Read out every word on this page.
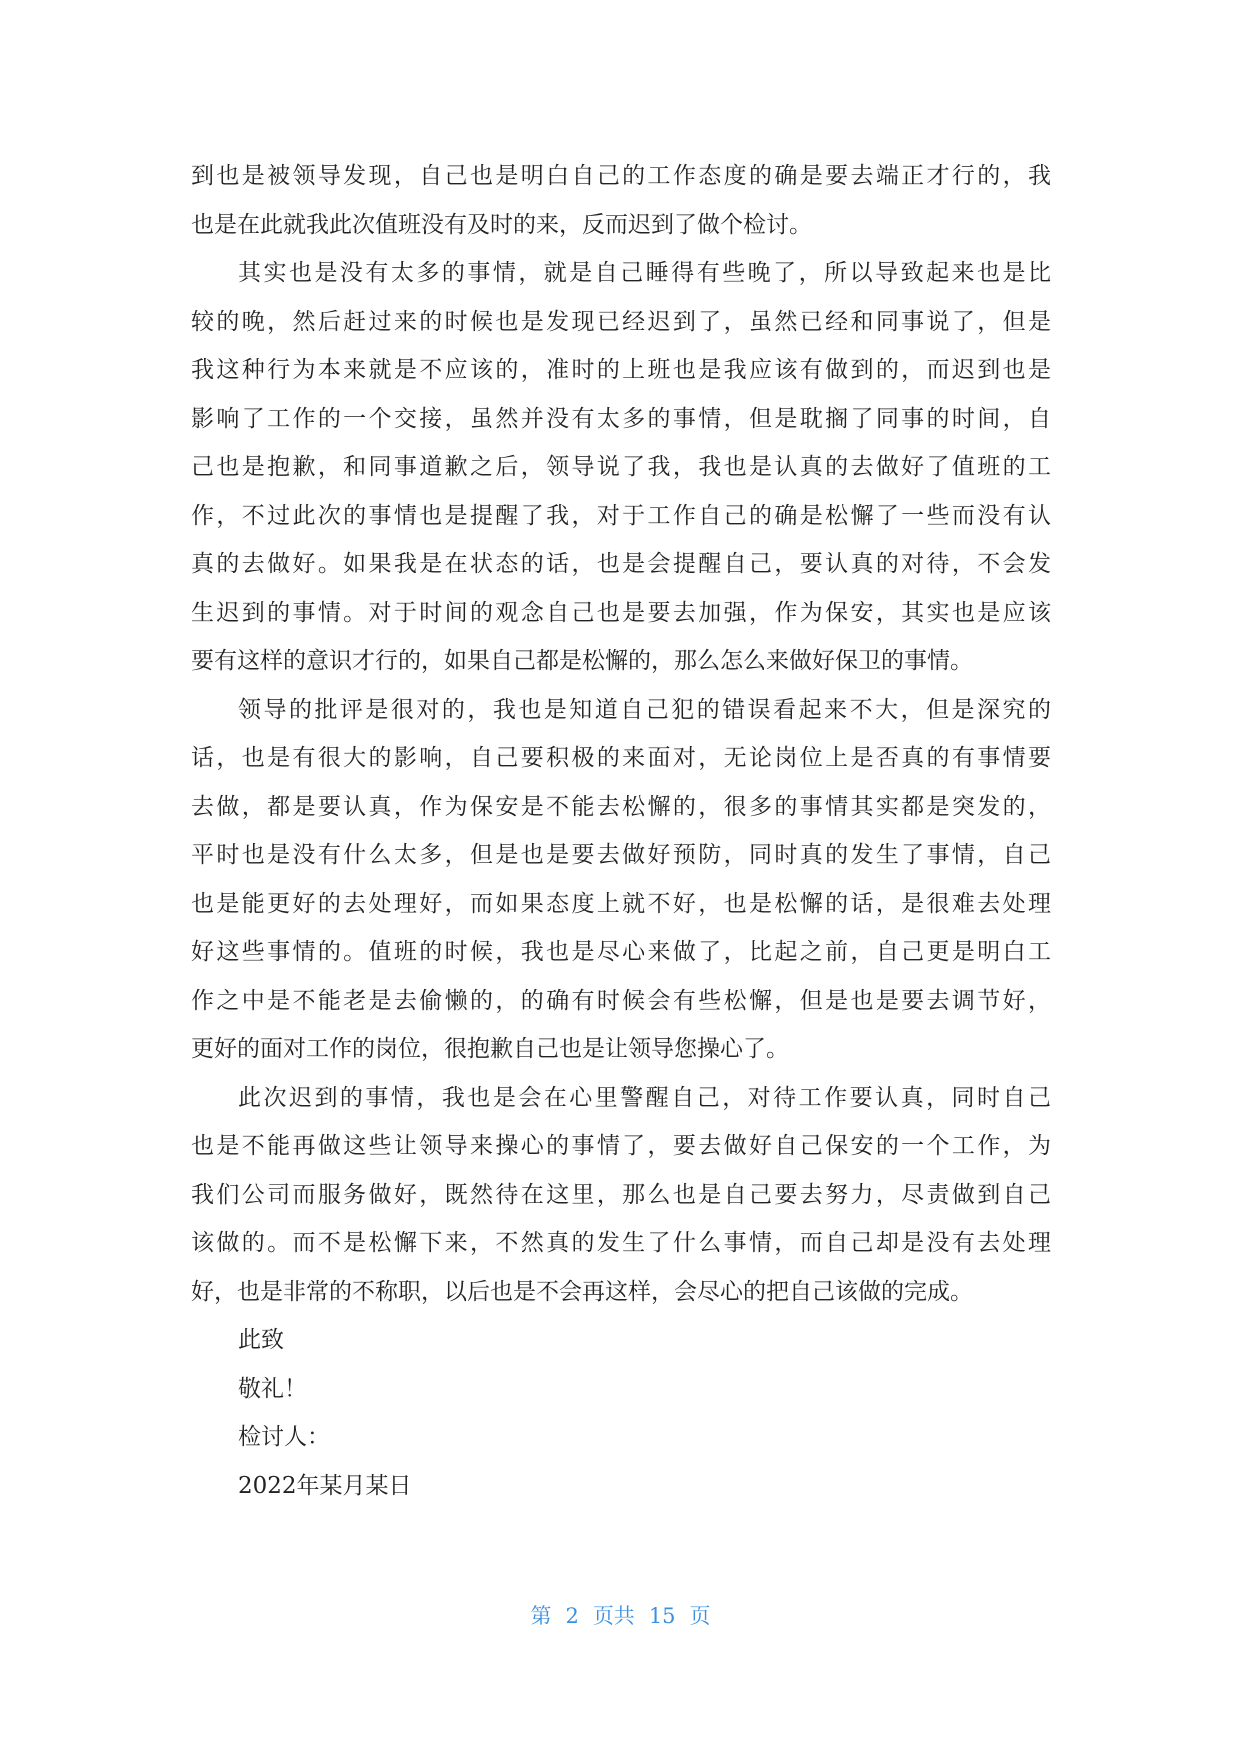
到也是被领导发现，自己也是明白自己的工作态度的确是要去端正才行的，我
也是在此就我此次值班没有及时的来，反而迟到了做个检讨。
其实也是没有太多的事情，就是自己睡得有些晚了，所以导致起来也是比
较的晚，然后赶过来的时候也是发现已经迟到了，虽然已经和同事说了，但是
我这种行为本来就是不应该的，准时的上班也是我应该有做到的，而迟到也是
影响了工作的一个交接，虽然并没有太多的事情，但是耽搁了同事的时间，自
己也是抱歉，和同事道歉之后，领导说了我，我也是认真的去做好了值班的工
作，不过此次的事情也是提醒了我，对于工作自己的确是松懈了一些而没有认
真的去做好。如果我是在状态的话，也是会提醒自己，要认真的对待，不会发
生迟到的事情。对于时间的观念自己也是要去加强，作为保安，其实也是应该
要有这样的意识才行的，如果自己都是松懈的，那么怎么来做好保卫的事情。
领导的批评是很对的，我也是知道自己犯的错误看起来不大，但是深究的
话，也是有很大的影响，自己要积极的来面对，无论岗位上是否真的有事情要
去做，都是要认真，作为保安是不能去松懈的，很多的事情其实都是突发的，
平时也是没有什么太多，但是也是要去做好预防，同时真的发生了事情，自己
也是能更好的去处理好，而如果态度上就不好，也是松懈的话，是很难去处理
好这些事情的。值班的时候，我也是尽心来做了，比起之前，自己更是明白工
作之中是不能老是去偷懒的，的确有时候会有些松懈，但是也是要去调节好，
更好的面对工作的岗位，很抱歉自己也是让领导您操心了。
此次迟到的事情，我也是会在心里警醒自己，对待工作要认真，同时自己
也是不能再做这些让领导来操心的事情了，要去做好自己保安的一个工作，为
我们公司而服务做好，既然待在这里，那么也是自己要去努力，尽责做到自己
该做的。而不是松懈下来，不然真的发生了什么事情，而自己却是没有去处理
好，也是非常的不称职，以后也是不会再这样，会尽心的把自己该做的完成。
此致
敬礼！
检讨人：
2022年某月某日
第 2 页共 15 页
